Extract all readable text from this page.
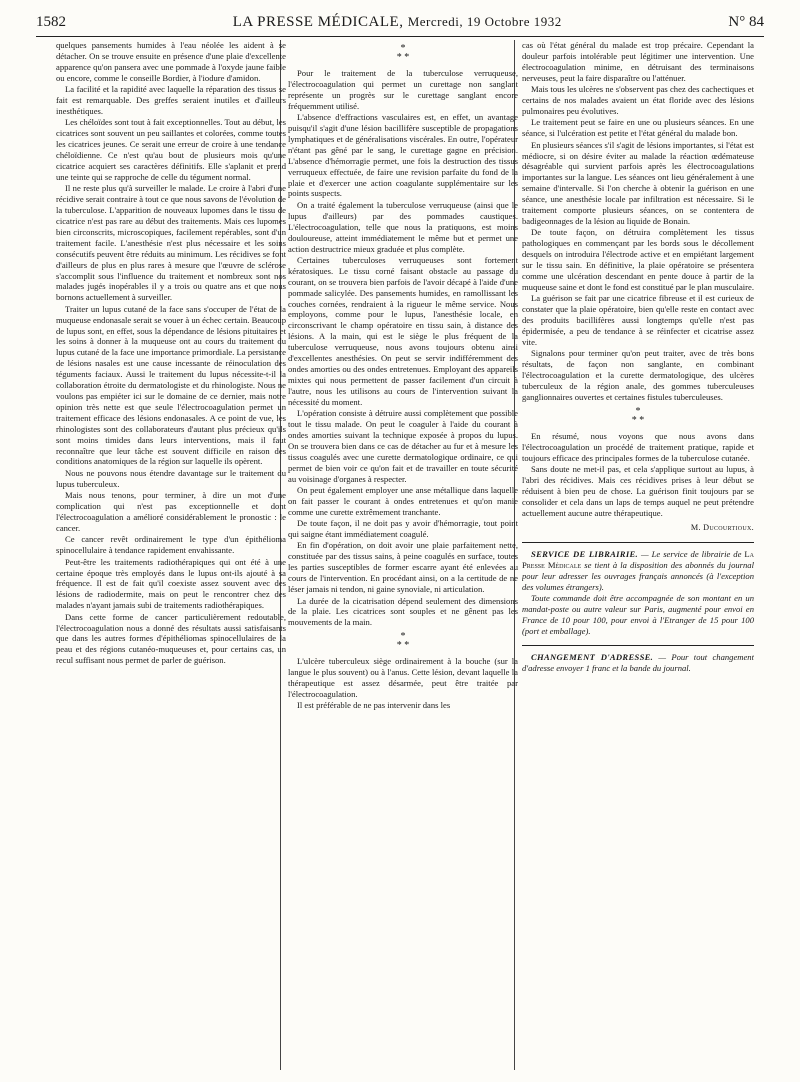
1582	LA PRESSE MÉDICALE, Mercredi, 19 Octobre 1932	N° 84

quelques pansements humides à l'eau néolée les aident à se détacher. On se trouve ensuite en présence d'une plaie d'excellente apparence qu'on pansera avec une pommade à l'oxyde jaune faible ou encore, comme le conseille Bordier, à l'iodure d'amidon.

La facilité et la rapidité avec laquelle la réparation des tissus se fait est remarquable. Des greffes seraient inutiles et d'ailleurs inesthétiques.

Les chéloïdes sont tout à fait exceptionnelles. Tout au début, les cicatrices sont souvent un peu saillantes et colorées, comme toutes les cicatrices jeunes. Ce serait une erreur de croire à une tendance chéloïdienne. Ce n'est qu'au bout de plusieurs mois qu'une cicatrice acquiert ses caractères définitifs. Elle s'aplanit et prend une teinte qui se rapproche de celle du tégument normal.

Il ne reste plus qu'à surveiller le malade. Le croire à l'abri d'une récidive serait contraire à tout ce que nous savons de l'évolution de la tuberculose. L'apparition de nouveaux lupomes dans le tissu de cicatrice n'est pas rare au début des traitements. Mais ces lupomes bien circonscrits, microscopiques, facilement repérables, sont d'un traitement facile. L'anesthésie n'est plus nécessaire et les soins consécutifs peuvent être réduits au minimum. Les récidives se font d'ailleurs de plus en plus rares à mesure que l'œuvre de sclérose s'accomplit sous l'influence du traitement et nombreux sont nos malades jugés inopérables il y a trois ou quatre ans et que nous bornons actuellement à surveiller.

Traiter un lupus cutané de la face sans s'occuper de l'état de la muqueuse endonasale serait se vouer à un échec certain. Beaucoup de lupus sont, en effet, sous la dépendance de lésions pituitaires et les soins à donner à la muqueuse ont au cours du traitement du lupus cutané de la face une importance primordiale. La persistance de lésions nasales est une cause incessante de réinoculation des téguments faciaux. Aussi le traitement du lupus nécessite-t-il la collaboration étroite du dermatologiste et du rhinologiste. Nous ne voulons pas empiéter ici sur le domaine de ce dernier, mais notre opinion très nette est que seule l'électrocoagulation permet un traitement efficace des lésions endonasales. A ce point de vue, les rhinologistes sont des collaborateurs d'autant plus précieux qu'ils sont moins timides dans leurs interventions, mais il faut reconnaître que leur tâche est souvent difficile en raison des conditions anatomiques de la région sur laquelle ils opèrent.

Nous ne pouvons nous étendre davantage sur le traitement du lupus tuberculeux.

Mais nous tenons, pour terminer, à dire un mot d'une complication qui n'est pas exceptionnelle et dont l'électrocoagulation a amélioré considérablement le pronostic : le cancer.

Ce cancer revêt ordinairement le type d'un épithélioma spinocellulaire à tendance rapidement envahissante.

Peut-être les traitements radiothérapiques qui ont été à une certaine époque très employés dans le lupus ont-ils ajouté à sa fréquence. Il est de fait qu'il coexiste assez souvent avec des lésions de radiodermite, mais on peut le rencontrer chez des malades n'ayant jamais subi de traitements radiothérapiques.

Dans cette forme de cancer particulièrement redoutable, l'électrocoagulation nous a donné des résultats aussi satisfaisants que dans les autres formes d'épithéliomas spinocellulaires de la peau et des régions cutanéo-muqueuses et, pour certains cas, un recul suffisant nous permet de parler de guérison.

*
* *

Pour le traitement de la tuberculose verruqueuse, l'électrocoagulation qui permet un curettage non sanglant représente un progrès sur le curettage sanglant encore fréquemment utilisé.

L'absence d'effractions vasculaires est, en effet, un avantage puisqu'il s'agit d'une lésion bacillifère susceptible de propagations lymphatiques et de généralisations viscérales. En outre, l'opérateur n'étant pas gêné par le sang, le curettage gagne en précision. L'absence d'hémorragie permet, une fois la destruction des tissus verruqueux effectuée, de faire une revision parfaite du fond de la plaie et d'exercer une action coagulante supplémentaire sur les points suspects.

On a traité également la tuberculose verruqueuse (ainsi que le lupus d'ailleurs) par des pommades caustiques. L'électrocoagulation, telle que nous la pratiquons, est moins douloureuse, atteint immédiatement le même but et permet une action destructrice mieux graduée et plus complète.

Certaines tuberculoses verruqueuses sont fortement kératosiques. Le tissu corné faisant obstacle au passage du courant, on se trouvera bien parfois de l'avoir décapé à l'aide d'une pommade salicylée. Des pansements humides, en ramollissant les couches cornées, rendraient à la rigueur le même service. Nous employons, comme pour le lupus, l'anesthésie locale, en circonscrivant le champ opératoire en tissu sain, à distance des lésions. A la main, qui est le siège le plus fréquent de la tuberculose verruqueuse, nous avons toujours obtenu ainsi d'excellentes anesthésies. On peut se servir indifféremment des ondes amorties ou des ondes entretenues. Employant des appareils mixtes qui nous permettent de passer facilement d'un circuit à l'autre, nous les utilisons au cours de l'intervention suivant la nécessité du moment.

L'opération consiste à détruire aussi complètement que possible tout le tissu malade. On peut le coaguler à l'aide du courant à ondes amorties suivant la technique exposée à propos du lupus. On se trouvera bien dans ce cas de détacher au fur et à mesure les tissus coagulés avec une curette dermatologique ordinaire, ce qui permet de bien voir ce qu'on fait et de travailler en toute sécurité au voisinage d'organes à respecter.

On peut également employer une anse métallique dans laquelle on fait passer le courant à ondes entretenues et qu'on manie comme une curette extrêmement tranchante.

De toute façon, il ne doit pas y avoir d'hémorragie, tout point qui saigne étant immédiatement coagulé.

En fin d'opération, on doit avoir une plaie parfaitement nette, constituée par des tissus sains, à peine coagulés en surface, toutes les parties susceptibles de former escarre ayant été enlevées au cours de l'intervention. En procédant ainsi, on a la certitude de ne léser jamais ni tendon, ni gaine synoviale, ni articulation.

La durée de la cicatrisation dépend seulement des dimensions de la plaie. Les cicatrices sont souples et ne gênent pas les mouvements de la main.

*
* *

L'ulcère tuberculeux siège ordinairement à la bouche (sur la langue le plus souvent) ou à l'anus. Cette lésion, devant laquelle la thérapeutique est assez désarmée, peut être traitée par l'électrocoagulation.

Il est préférable de ne pas intervenir dans les

cas où l'état général du malade est trop précaire. Cependant la douleur parfois intolérable peut légitimer une intervention. Une électrocoagulation minime, en détruisant des terminaisons nerveuses, peut la faire disparaître ou l'atténuer.

Mais tous les ulcères ne s'observent pas chez des cachectiques et certains de nos malades avaient un état floride avec des lésions pulmonaires peu évolutives.

Le traitement peut se faire en une ou plusieurs séances. En une séance, si l'ulcération est petite et l'état général du malade bon.

En plusieurs séances s'il s'agit de lésions importantes, si l'état est médiocre, si on désire éviter au malade la réaction œdémateuse désagréable qui survient parfois après les électrocoagulations importantes sur la langue. Les séances ont lieu généralement à une semaine d'intervalle. Si l'on cherche à obtenir la guérison en une séance, une anesthésie locale par infiltration est nécessaire. Si le traitement comporte plusieurs séances, on se contentera de badigeonnages de la lésion au liquide de Bonain.

De toute façon, on détruira complètement les tissus pathologiques en commençant par les bords sous le décollement desquels on introduira l'électrode active et en empiétant largement sur le tissu sain. En définitive, la plaie opératoire se présentera comme une ulcération descendant en pente douce à partir de la muqueuse saine et dont le fond est constitué par le plan musculaire.

La guérison se fait par une cicatrice fibreuse et il est curieux de constater que la plaie opératoire, bien qu'elle reste en contact avec des produits bacillifères aussi longtemps qu'elle n'est pas épidermisée, a peu de tendance à se réinfecter et cicatrise assez vite.

Signalons pour terminer qu'on peut traiter, avec de très bons résultats, de façon non sanglante, en combinant l'électrocoagulation et la curette dermatologique, des ulcères tuberculeux de la région anale, des gommes tuberculeuses ganglionnaires ouvertes et certaines fistules tuberculeuses.

*
* *

En résumé, nous voyons que nous avons dans l'électrocoagulation un procédé de traitement pratique, rapide et toujours efficace des principales formes de la tuberculose cutanée.

Sans doute ne met-il pas, et cela s'applique surtout au lupus, à l'abri des récidives. Mais ces récidives prises à leur début se réduisent à bien peu de chose. La guérison finit toujours par se consolider et cela dans un laps de temps auquel ne peut prétendre actuellement aucune autre thérapeutique.

M. Ducourtioux.

SERVICE DE LIBRAIRIE. — Le service de librairie de La Presse Médicale se tient à la disposition des abonnés du journal pour leur adresser les ouvrages français annoncés (à l'exception des volumes étrangers).

Toute commande doit être accompagnée de son montant en un mandat-poste ou autre valeur sur Paris, augmenté pour envoi en France de 10 pour 100, pour envoi à l'Etranger de 15 pour 100 (port et emballage).

CHANGEMENT D'ADRESSE. — Pour tout changement d'adresse envoyer 1 franc et la bande du journal.
